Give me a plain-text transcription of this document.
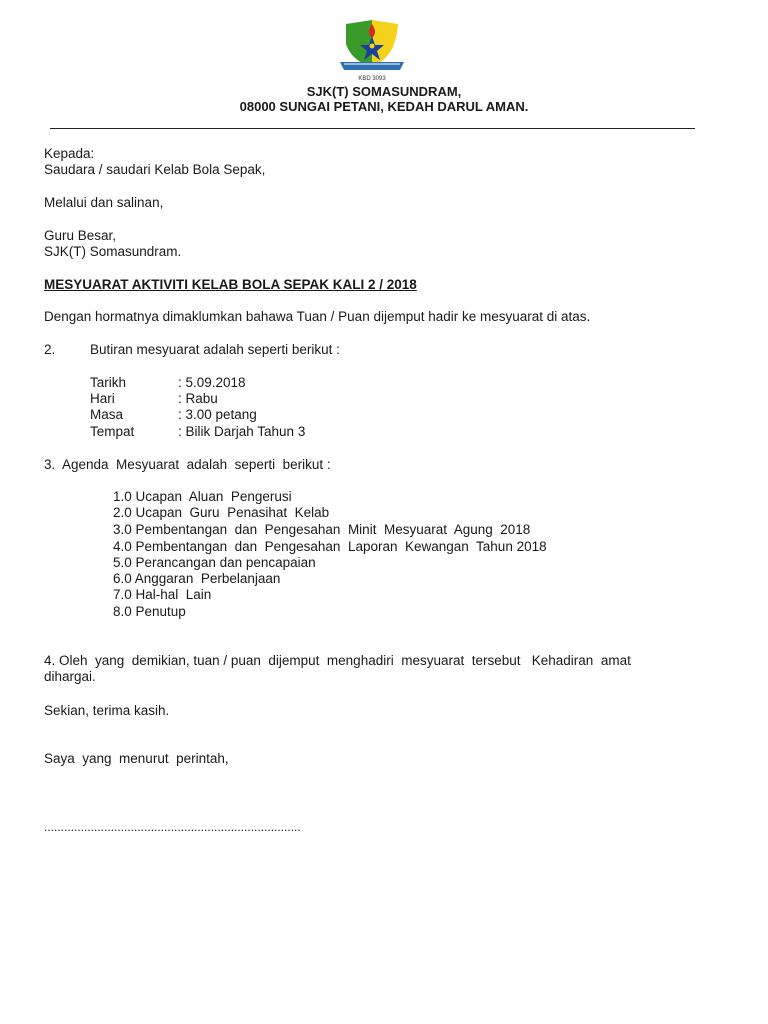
KBD 3093
SJK(T) SOMASUNDRAM,
08000 SUNGAI PETANI, KEDAH DARUL AMAN.
Kepada:
Saudara / saudari Kelab Bola Sepak,
Melalui dan salinan,
Guru Besar,
SJK(T) Somasundram.
MESYUARAT AKTIVITI KELAB BOLA SEPAK KALI 2 / 2018
Dengan hormatnya dimaklumkan bahawa Tuan / Puan dijemput hadir ke mesyuarat di atas.
2.	Butiran mesyuarat adalah seperti berikut :
Tarikh	: 5.09.2018
Hari	: Rabu
Masa	: 3.00 petang
Tempat	: Bilik Darjah Tahun 3
3.  Agenda  Mesyuarat  adalah  seperti  berikut :
1.0 Ucapan  Aluan  Pengerusi
2.0 Ucapan  Guru  Penasihat  Kelab
3.0 Pembentangan  dan  Pengesahan  Minit  Mesyuarat  Agung  2018
4.0 Pembentangan  dan  Pengesahan  Laporan  Kewangan  Tahun 2018
5.0 Perancangan dan pencapaian
6.0 Anggaran  Perbelanjaan
7.0 Hal-hal  Lain
8.0 Penutup
4. Oleh  yang  demikian, tuan / puan  dijemput  menghadiri  mesyuarat  tersebut   Kehadiran  amat
dihargai.
Sekian, terima kasih.
Saya  yang  menurut  perintah,
.............................................................................
